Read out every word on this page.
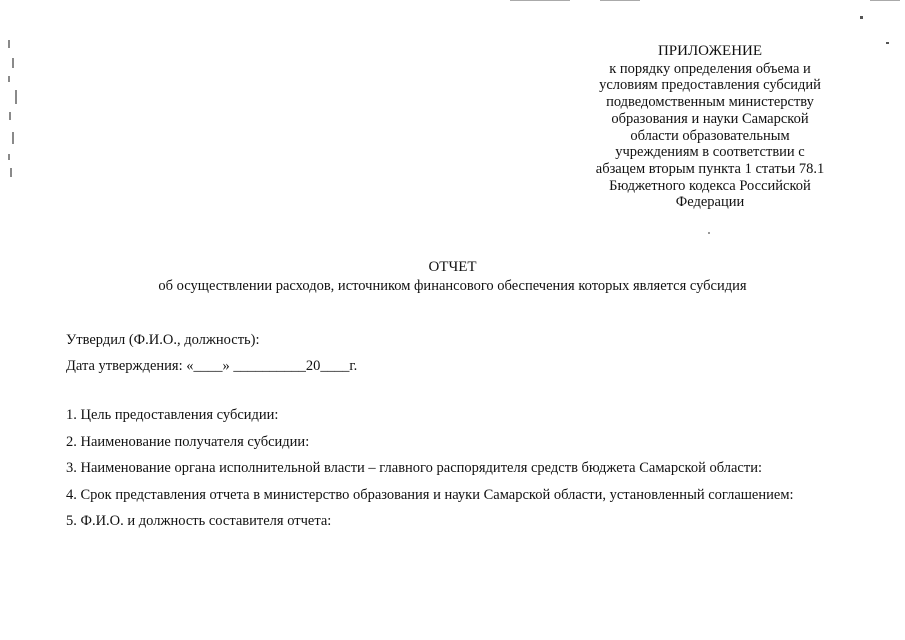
ПРИЛОЖЕНИЕ
к порядку определения объема и
условиям предоставления субсидий
подведомственным министерству
образования и науки Самарской
области образовательным
учреждениям в соответствии с
абзацем вторым пункта 1 статьи 78.1
Бюджетного кодекса Российской
Федерации
ОТЧЕТ
об осуществлении расходов, источником финансового обеспечения которых является субсидия
Утвердил (Ф.И.О., должность):
Дата утверждения: «____» __________20____г.
1. Цель предоставления субсидии:
2. Наименование получателя субсидии:
3. Наименование органа исполнительной власти – главного распорядителя средств бюджета Самарской области:
4. Срок представления отчета в министерство образования и науки Самарской области, установленный соглашением:
5. Ф.И.О. и должность составителя отчета:
